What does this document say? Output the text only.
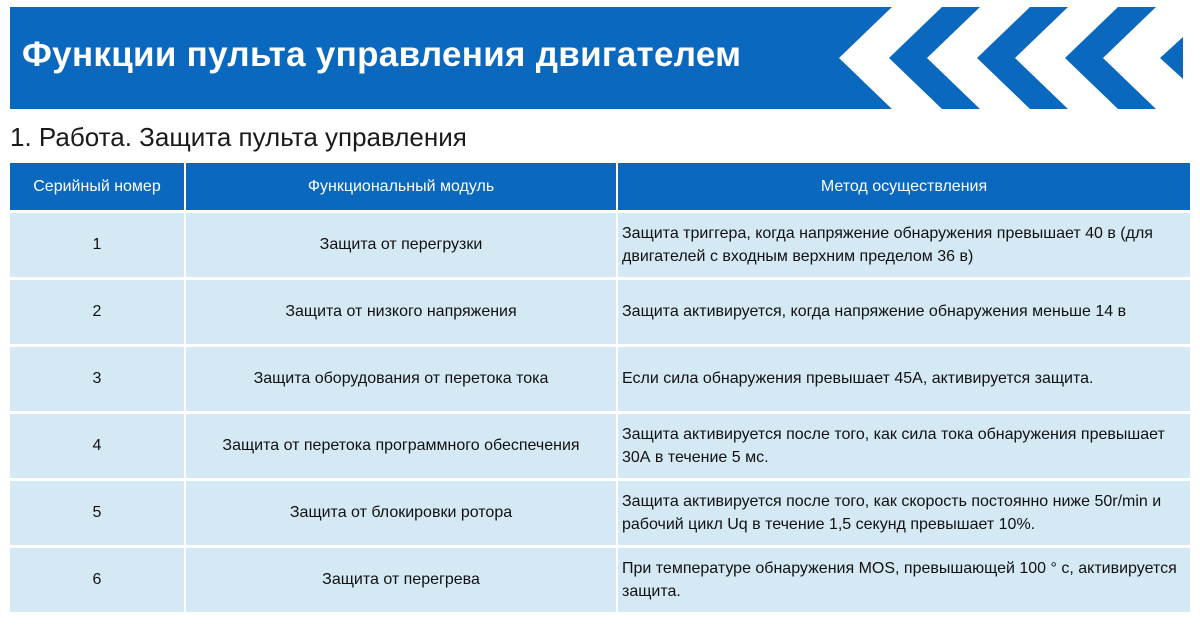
Функции пульта управления двигателем
1. Работа. Защита пульта управления
Серийный номер	Функциональный модуль	Метод осуществления
1	Защита от перегрузки	Защита триггера, когда напряжение обнаружения превышает 40 в (для двигателей с входным верхним пределом 36 в)
2	Защита от низкого напряжения	Защита активируется, когда напряжение обнаружения меньше 14 в
3	Защита оборудования от перетока тока	Если сила обнаружения превышает 45А, активируется защита.
4	Защита от перетока программного обеспечения	Защита активируется после того, как сила тока обнаружения превышает 30А в течение 5 мс.
5	Защита от блокировки ротора	Защита активируется после того, как скорость постоянно ниже 50r/min и рабочий цикл Uq в течение 1,5 секунд превышает 10%.
6	Защита от перегрева	При температуре обнаружения MOS, превышающей 100 ° c, активируется защита.
